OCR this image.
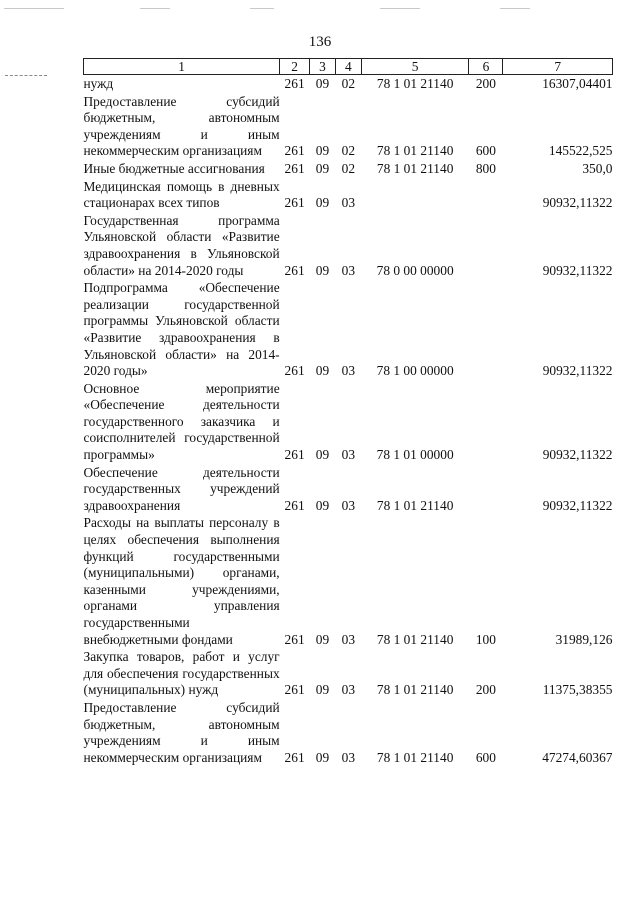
136
1	2	3	4	5	6	7
нужд	261	09	02	78 1 01 21140	200	16307,04401
Предоставление субсидий бюджетным, автономным учреждениям и иным некоммерческим организациям	261	09	02	78 1 01 21140	600	145522,525
Иные бюджетные ассигнования	261	09	02	78 1 01 21140	800	350,0
Медицинская помощь в дневных стационарах всех типов	261	09	03			90932,11322
Государственная программа Ульяновской области «Развитие здравоохранения в Ульяновской области» на 2014-2020 годы	261	09	03	78 0 00 00000		90932,11322
Подпрограмма «Обеспечение реализации государственной программы Ульяновской области «Развитие здравоохранения в Ульяновской области» на 2014-2020 годы»	261	09	03	78 1 00 00000		90932,11322
Основное мероприятие «Обеспечение деятельности государственного заказчика и соисполнителей государственной программы»	261	09	03	78 1 01 00000		90932,11322
Обеспечение деятельности государственных учреждений здравоохранения	261	09	03	78 1 01 21140		90932,11322
Расходы на выплаты персоналу в целях обеспечения выполнения функций государственными (муниципальными) органами, казенными учреждениями, органами управления государственными внебюджетными фондами	261	09	03	78 1 01 21140	100	31989,126
Закупка товаров, работ и услуг для обеспечения государственных (муниципальных) нужд	261	09	03	78 1 01 21140	200	11375,38355
Предоставление субсидий бюджетным, автономным учреждениям и иным некоммерческим организациям	261	09	03	78 1 01 21140	600	47274,60367
